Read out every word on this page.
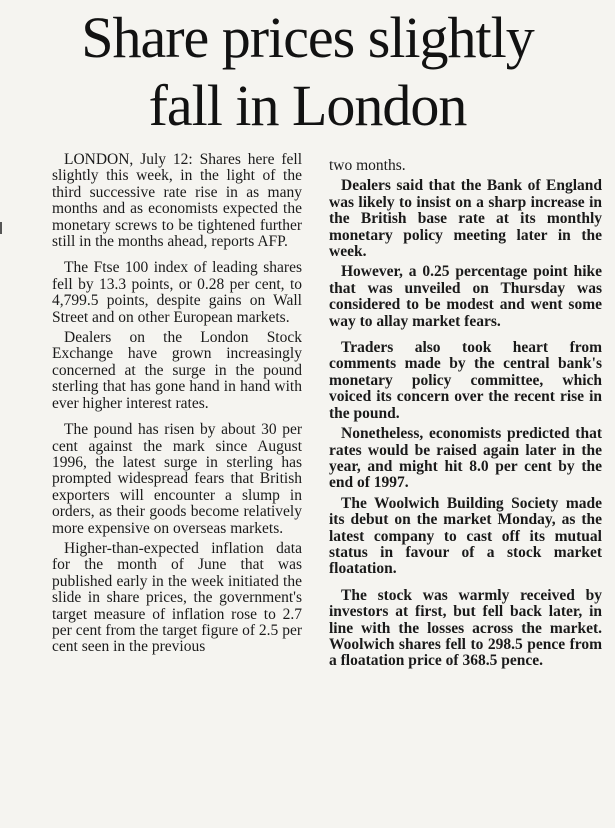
Share prices slightly
fall in London

LONDON, July 12: Shares here fell slightly this week, in the light of the third successive rate rise in as many months and as economists expected the monetary screws to be tightened further still in the months ahead, reports AFP.

The Ftse 100 index of leading shares fell by 13.3 points, or 0.28 per cent, to 4,799.5 points, despite gains on Wall Street and on other European markets.

Dealers on the London Stock Exchange have grown increasingly concerned at the surge in the pound sterling that has gone hand in hand with ever higher interest rates.

The pound has risen by about 30 per cent against the mark since August 1996, the latest surge in sterling has prompted widespread fears that British exporters will encounter a slump in orders, as their goods become relatively more expensive on overseas markets.

Higher-than-expected inflation data for the month of June that was published early in the week initiated the slide in share prices, the government's target measure of inflation rose to 2.7 per cent from the target figure of 2.5 per cent seen in the previous

two months.

Dealers said that the Bank of England was likely to insist on a sharp increase in the British base rate at its monthly monetary policy meeting later in the week.

However, a 0.25 percentage point hike that was unveiled on Thursday was considered to be modest and went some way to allay market fears.

Traders also took heart from comments made by the central bank's monetary policy committee, which voiced its concern over the recent rise in the pound.

Nonetheless, economists predicted that rates would be raised again later in the year, and might hit 8.0 per cent by the end of 1997.

The Woolwich Building Society made its debut on the market Monday, as the latest company to cast off its mutual status in favour of a stock market floatation.

The stock was warmly received by investors at first, but fell back later, in line with the losses across the market. Woolwich shares fell to 298.5 pence from a floatation price of 368.5 pence.
